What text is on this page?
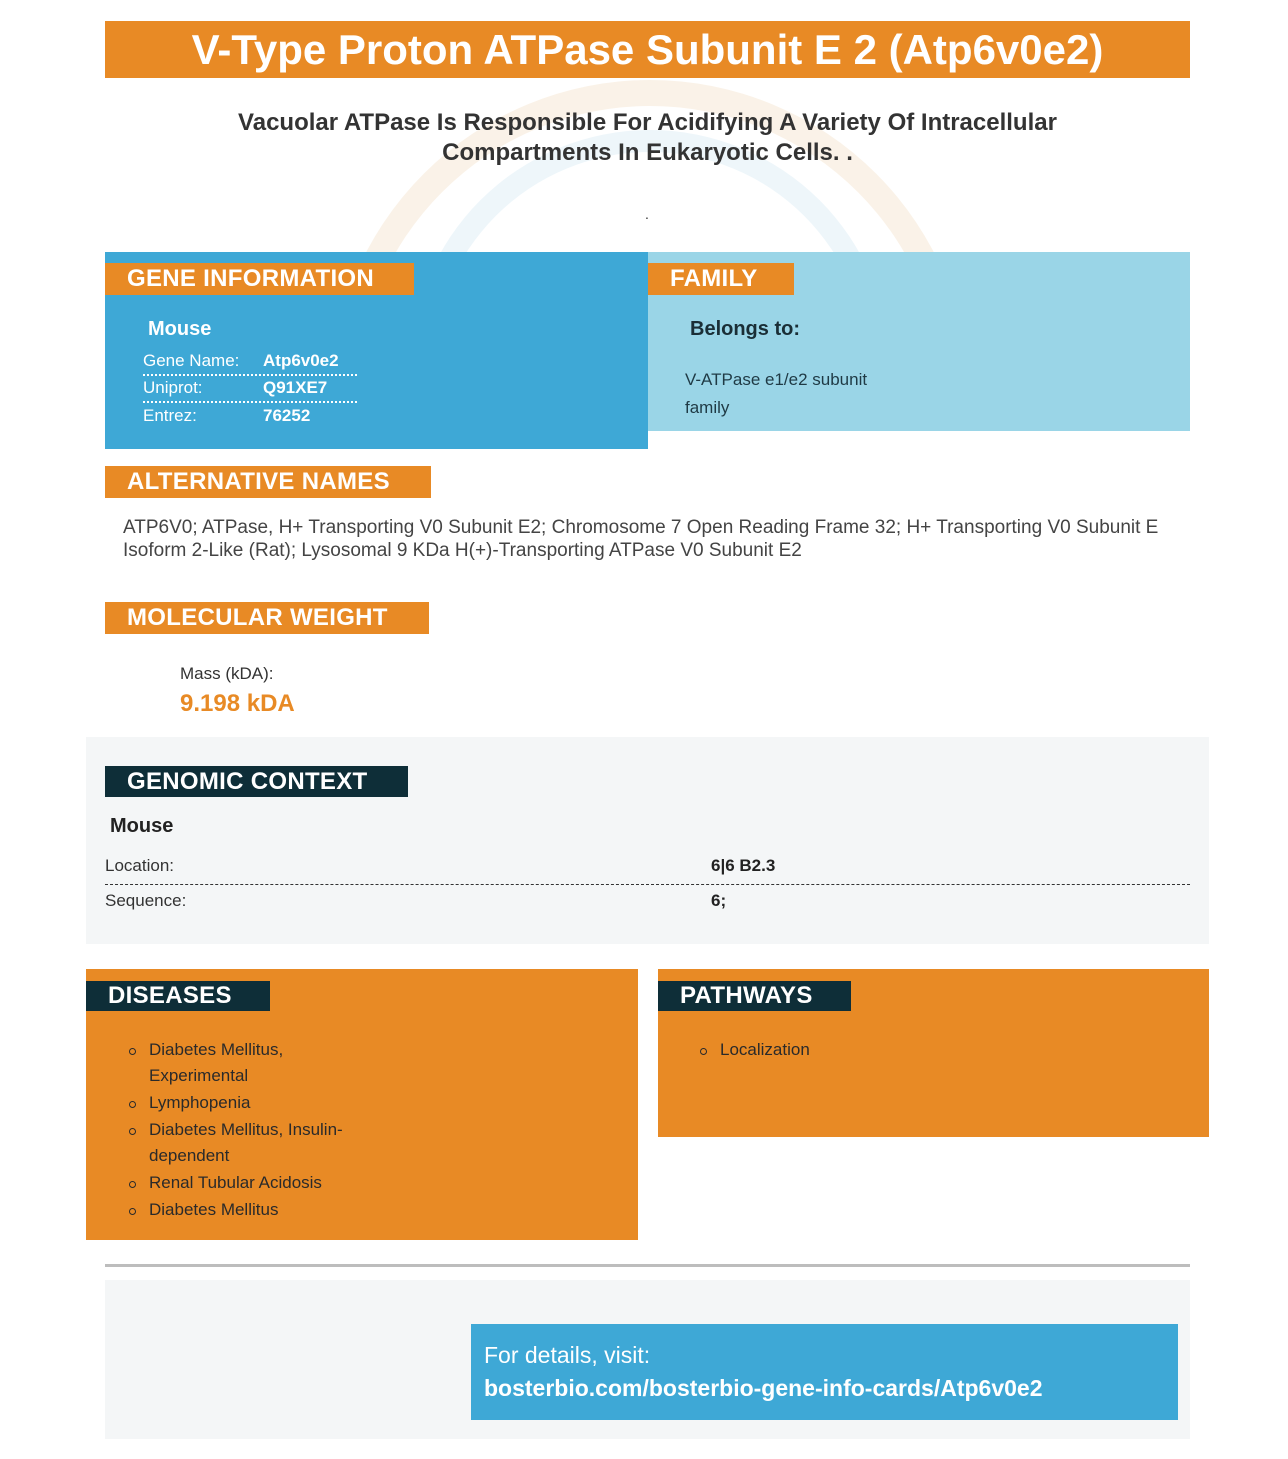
V-Type Proton ATPase Subunit E 2 (Atp6v0e2)
Vacuolar ATPase Is Responsible For Acidifying A Variety Of Intracellular Compartments In Eukaryotic Cells. .
.
GENE INFORMATION
Mouse
Gene Name: Atp6v0e2
Uniprot:	Q91XE7
Entrez:	76252
FAMILY
Belongs to:
V-ATPase e1/e2 subunit family
ALTERNATIVE NAMES
ATP6V0; ATPase, H+ Transporting V0 Subunit E2; Chromosome 7 Open Reading Frame 32; H+ Transporting V0 Subunit E Isoform 2-Like (Rat); Lysosomal 9 KDa H(+)-Transporting ATPase V0 Subunit E2
MOLECULAR WEIGHT
Mass (kDA):
9.198 kDA
GENOMIC CONTEXT
Mouse
Location:	6|6 B2.3
Sequence:	6;
DISEASES
Diabetes Mellitus, Experimental
Lymphopenia
Diabetes Mellitus, Insulin-dependent
Renal Tubular Acidosis
Diabetes Mellitus
PATHWAYS
Localization
For details, visit:
bosterbio.com/bosterbio-gene-info-cards/Atp6v0e2
